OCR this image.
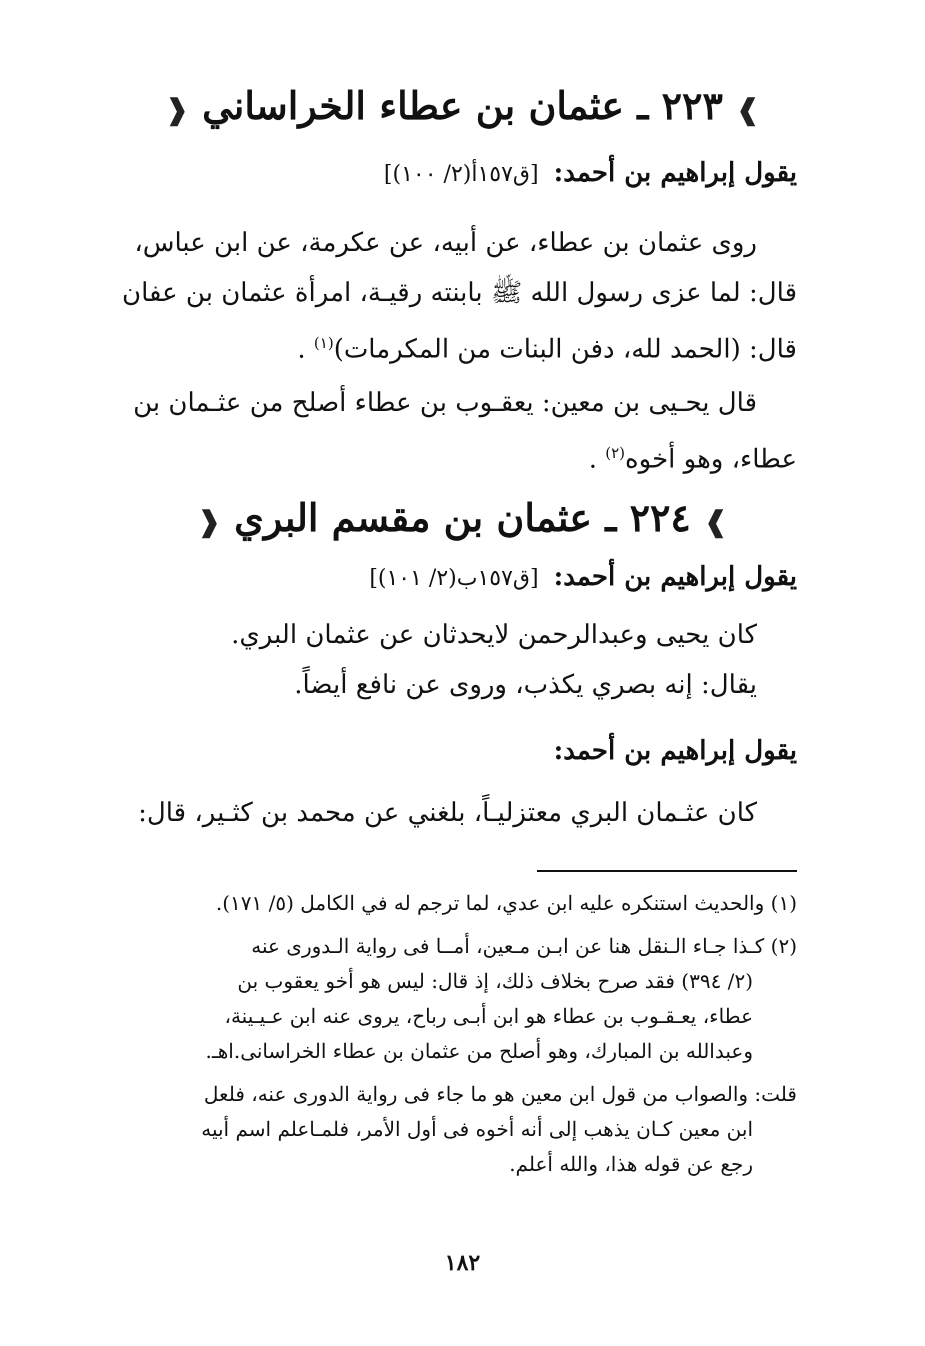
❱ ٢٢٣ ـ عثمان بن عطاء الخراساني ❰
يقول إبراهيم بن أحمد: [ق١٥٧أ(٢/ ١٠٠)]
روى عثمان بن عطاء، عن أبيه، عن عكرمة، عن ابن عباس،
قال: لما عزى رسول الله ﷺ بابنته رقيـة، امرأة عثمان بن عفان
قال: (الحمد لله، دفن البنات من المكرمات)$^{(١)}$ .
قال يحـيى بن معين: يعقـوب بن عطاء أصلح من عثـمان بن
عطاء، وهو أخوه$^{(٢)}$ .
❱ ٢٢٤ ـ عثمان بن مقسم البري ❰
يقول إبراهيم بن أحمد: [ق١٥٧ب(٢/ ١٠١)]
كان يحيى وعبدالرحمن لايحدثان عن عثمان البري.
يقال: إنه بصري يكذب، وروى عن نافع أيضاً.
يقول إبراهيم بن أحمد:
كان عثـمان البري معتزليـاً، بلغني عن محمد بن كثـير، قال:
(١) والحديث استنكره عليه ابن عدي، لما ترجم له في الكامل (٥/ ١٧١).
(٢) كـذا جـاء الـنقل هنا عن ابـن مـعين، أمــا فى رواية الـدورى عنه
(٢/ ٣٩٤) فقد صرح بخلاف ذلك، إذ قال: ليس هو أخو يعقوب بن
عطاء، يعـقـوب بن عطاء هو ابن أبـى رباح، يروى عنه ابن عـيـينة،
وعبدالله بن المبارك، وهو أصلح من عثمان بن عطاء الخراسانى.اهـ.
قلت: والصواب من قول ابن معين هو ما جاء فى رواية الدورى عنه، فلعل
ابن معين كـان يذهب إلى أنه أخوه فى أول الأمر، فلمـاعلم اسم أبيه
رجع عن قوله هذا، والله أعلم.
١٨٢
